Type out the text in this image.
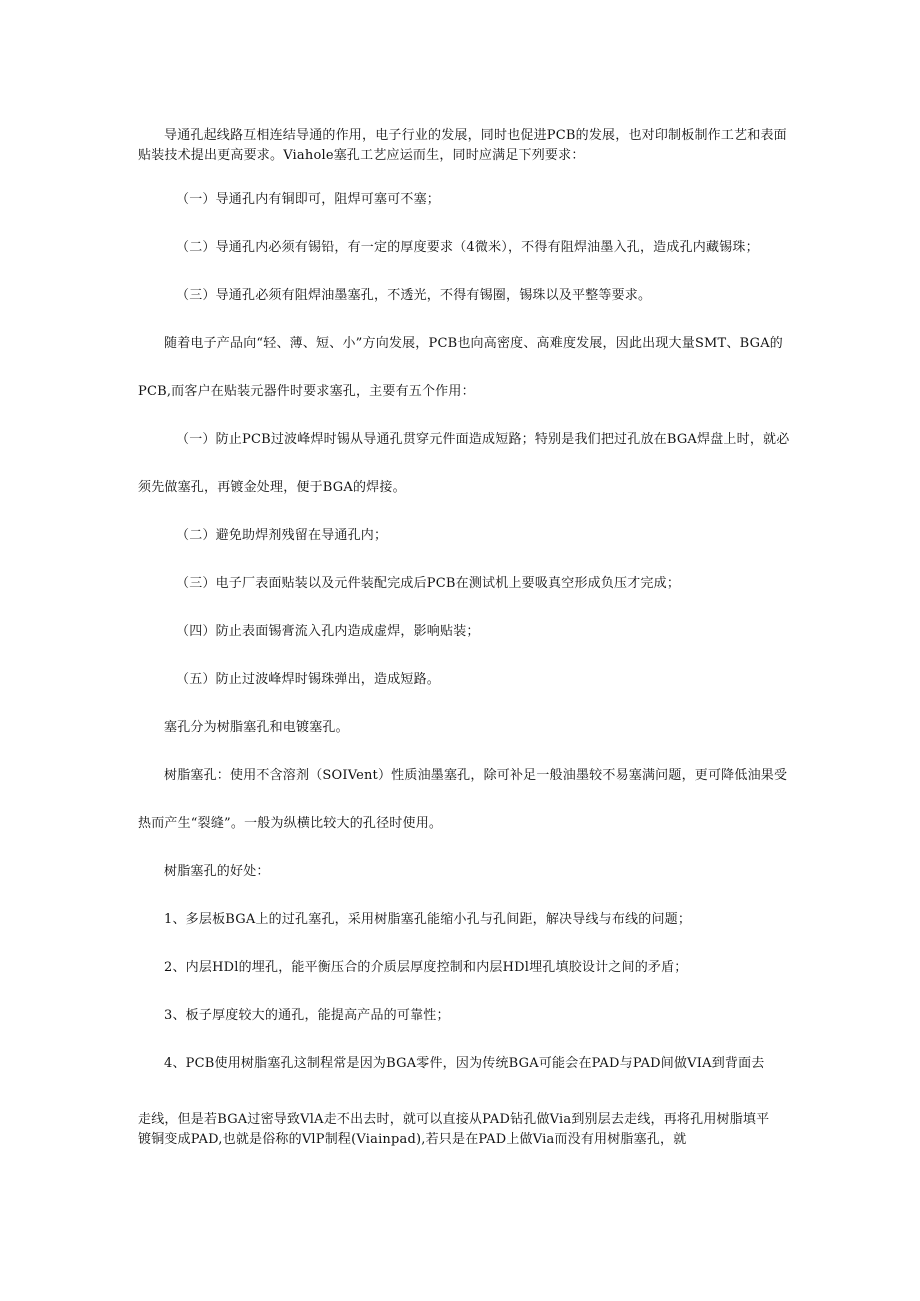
导通孔起线路互相连结导通的作用，电子行业的发展，同时也促进PCB的发展，也对印制板制作工艺和表面
贴装技术提出更高要求。Viahole塞孔工艺应运而生，同时应满足下列要求：
（一）导通孔内有铜即可，阻焊可塞可不塞；
（二）导通孔内必须有锡铅，有一定的厚度要求（4微米），不得有阻焊油墨入孔，造成孔内藏锡珠；
（三）导通孔必须有阻焊油墨塞孔，不透光，不得有锡圈，锡珠以及平整等要求。
随着电子产品向“轻、薄、短、小”方向发展，PCB也向高密度、高难度发展，因此出现大量SMT、BGA的
PCB,而客户在贴装元器件时要求塞孔，主要有五个作用：
（一）防止PCB过波峰焊时锡从导通孔贯穿元件面造成短路；特别是我们把过孔放在BGA焊盘上时，就必
须先做塞孔，再镀金处理，便于BGA的焊接。
（二）避免助焊剂残留在导通孔内；
（三）电子厂表面贴装以及元件装配完成后PCB在测试机上要吸真空形成负压才完成；
（四）防止表面锡膏流入孔内造成虚焊，影响贴装；
（五）防止过波峰焊时锡珠弹出，造成短路。
塞孔分为树脂塞孔和电镀塞孔。
树脂塞孔：使用不含溶剂（SOIVent）性质油墨塞孔，除可补足一般油墨较不易塞满问题，更可降低油果受
热而产生“裂缝”。一般为纵横比较大的孔径时使用。
树脂塞孔的好处：
1、多层板BGA上的过孔塞孔，采用树脂塞孔能缩小孔与孔间距，解决导线与布线的问题；
2、内层HDl的埋孔，能平衡压合的介质层厚度控制和内层HDl埋孔填胶设计之间的矛盾；
3、板子厚度较大的通孔，能提高产品的可靠性；
4、PCB使用树脂塞孔这制程常是因为BGA零件，因为传统BGA可能会在PAD与PAD间做VIA到背面去
走线，但是若BGA过密导致VlA走不出去时，就可以直接从PAD钻孔做Via到别层去走线，再将孔用树脂填平
镀铜变成PAD,也就是俗称的VlP制程(Viainpad),若只是在PAD上做Via而没有用树脂塞孔，就
